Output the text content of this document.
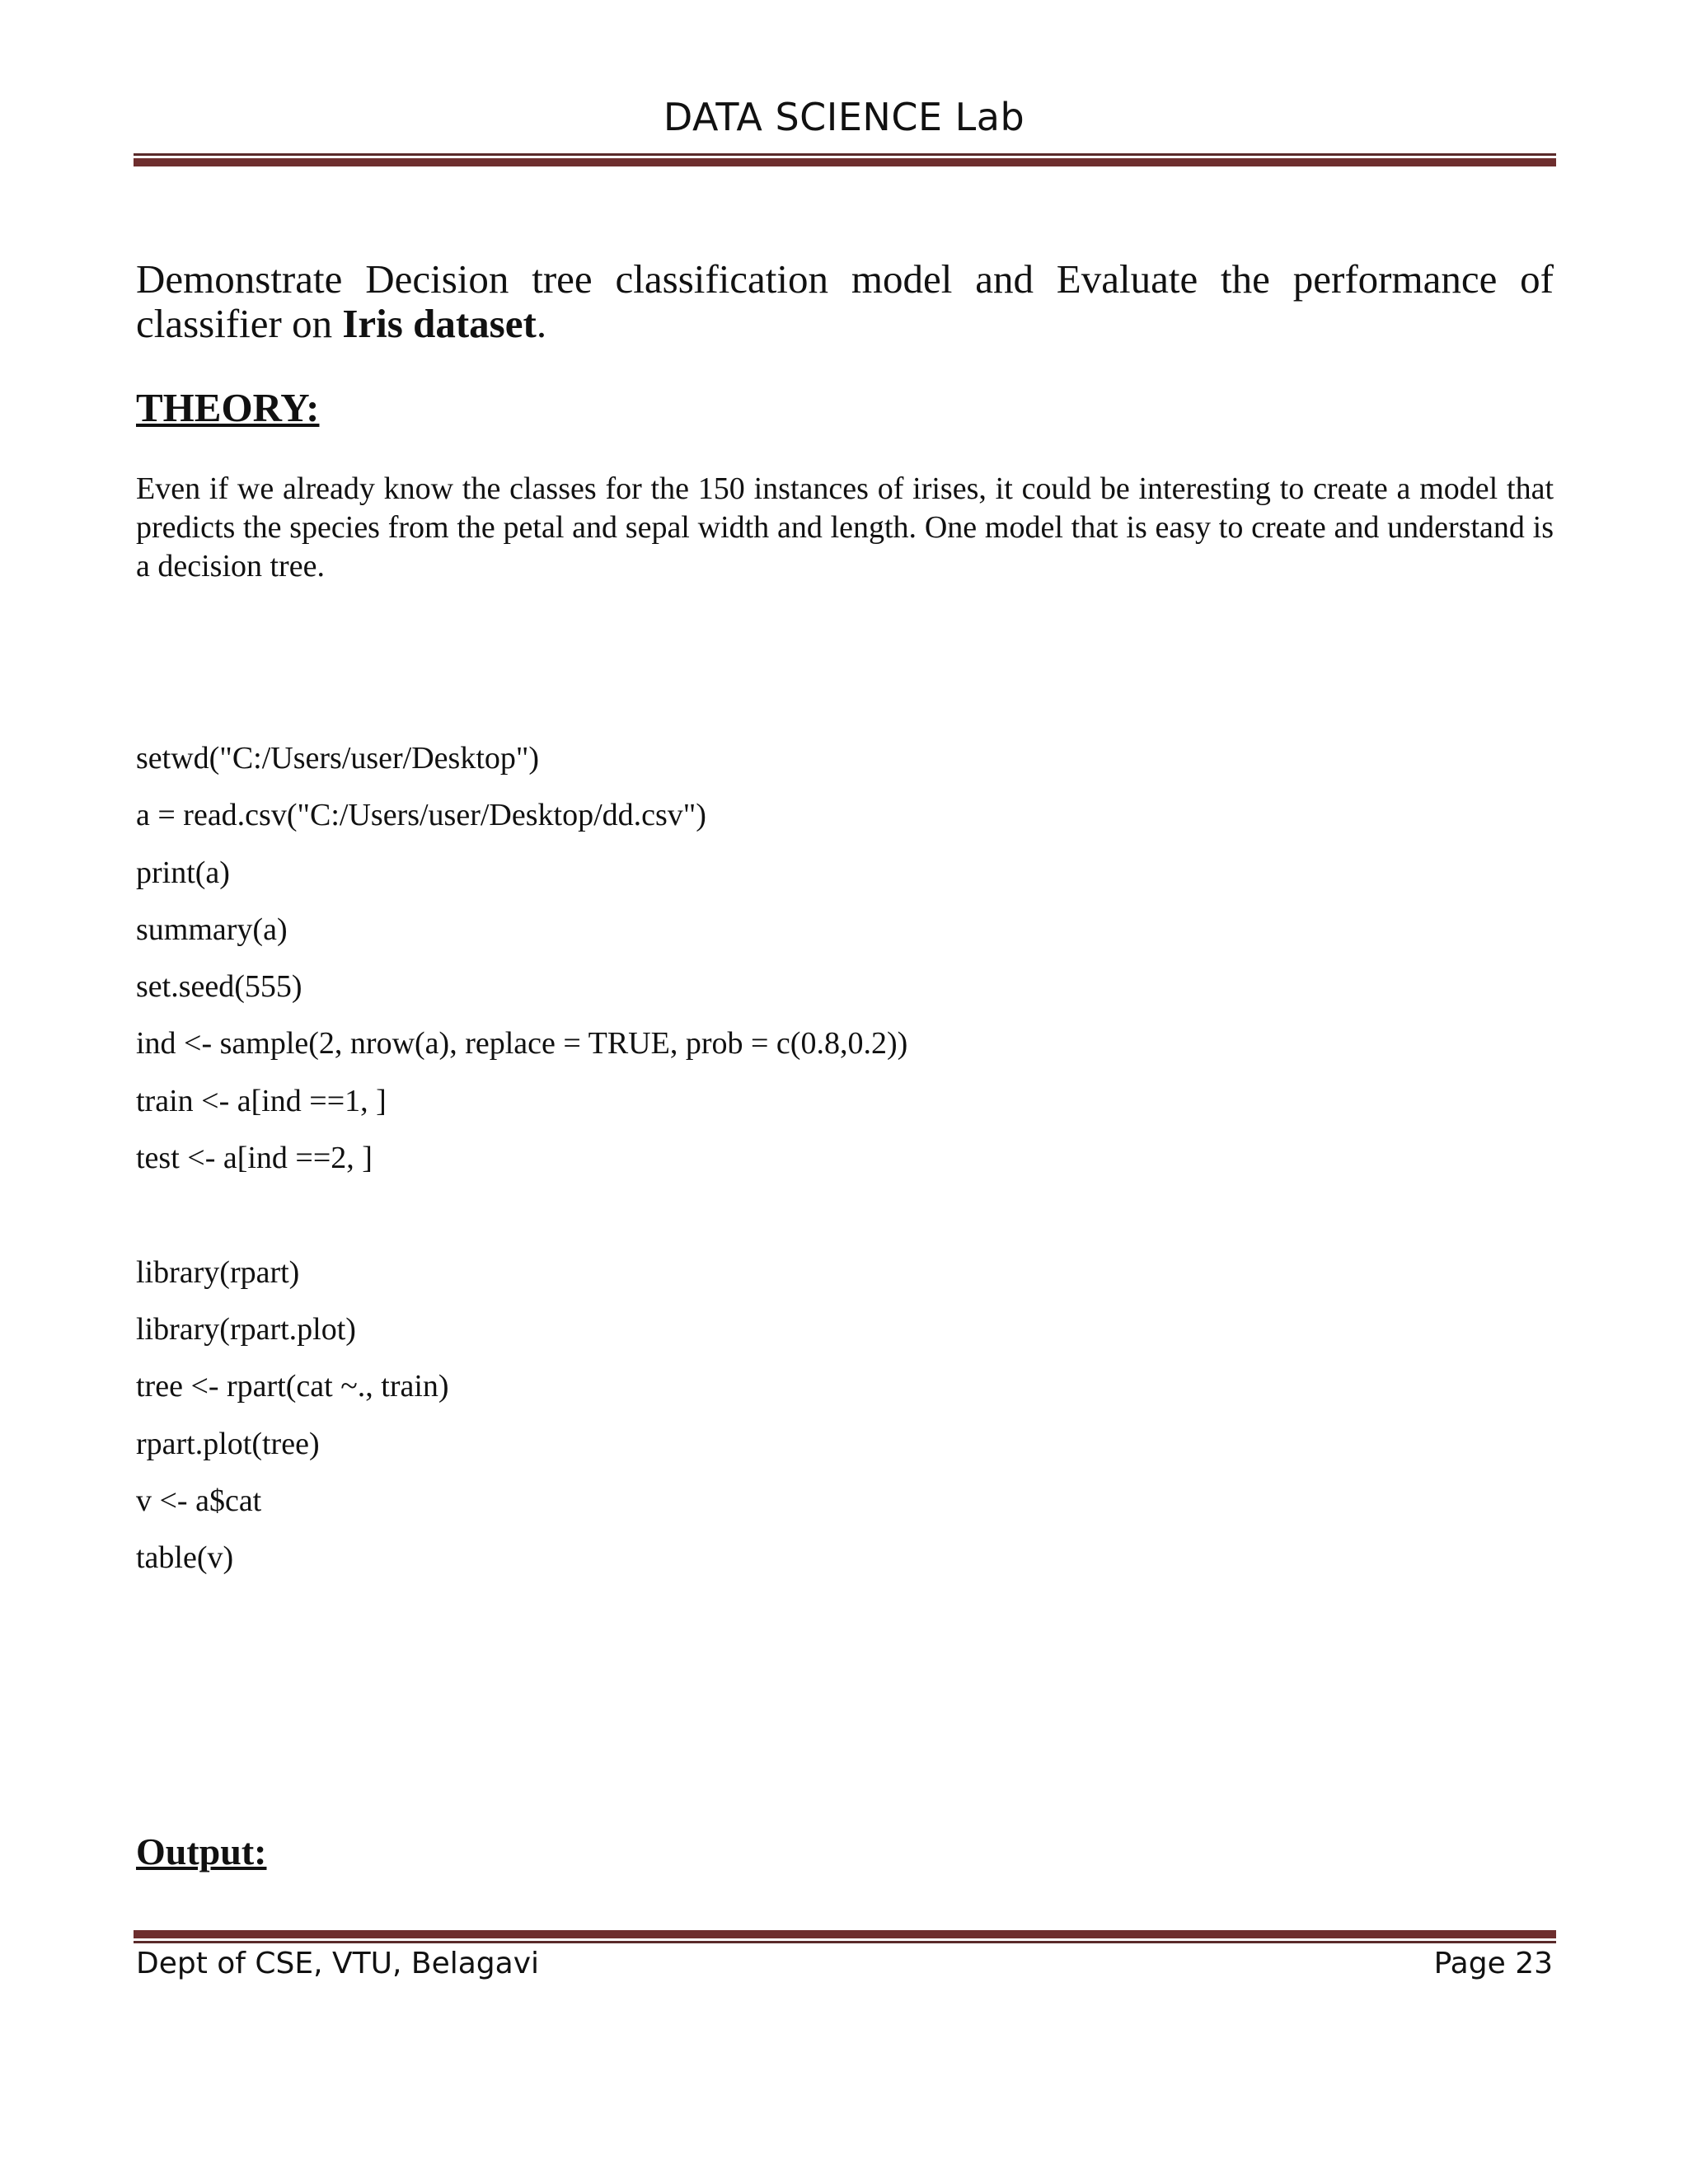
DATA SCIENCE Lab
Demonstrate Decision tree classification model and Evaluate the performance of classifier on Iris dataset.
THEORY:
Even if we already know the classes for the 150 instances of irises, it could be interesting to create a model that predicts the species from the petal and sepal width and length. One model that is easy to create and understand is a decision tree.
setwd("C:/Users/user/Desktop")
a = read.csv("C:/Users/user/Desktop/dd.csv")
print(a)
summary(a)
set.seed(555)
ind <- sample(2, nrow(a), replace = TRUE, prob = c(0.8,0.2))
train <- a[ind ==1, ]
test <- a[ind ==2, ]
library(rpart)
library(rpart.plot)
tree <- rpart(cat ~., train)
rpart.plot(tree)
v <- a$cat
table(v)
Output:
Dept of CSE, VTU, Belagavi	Page 23
